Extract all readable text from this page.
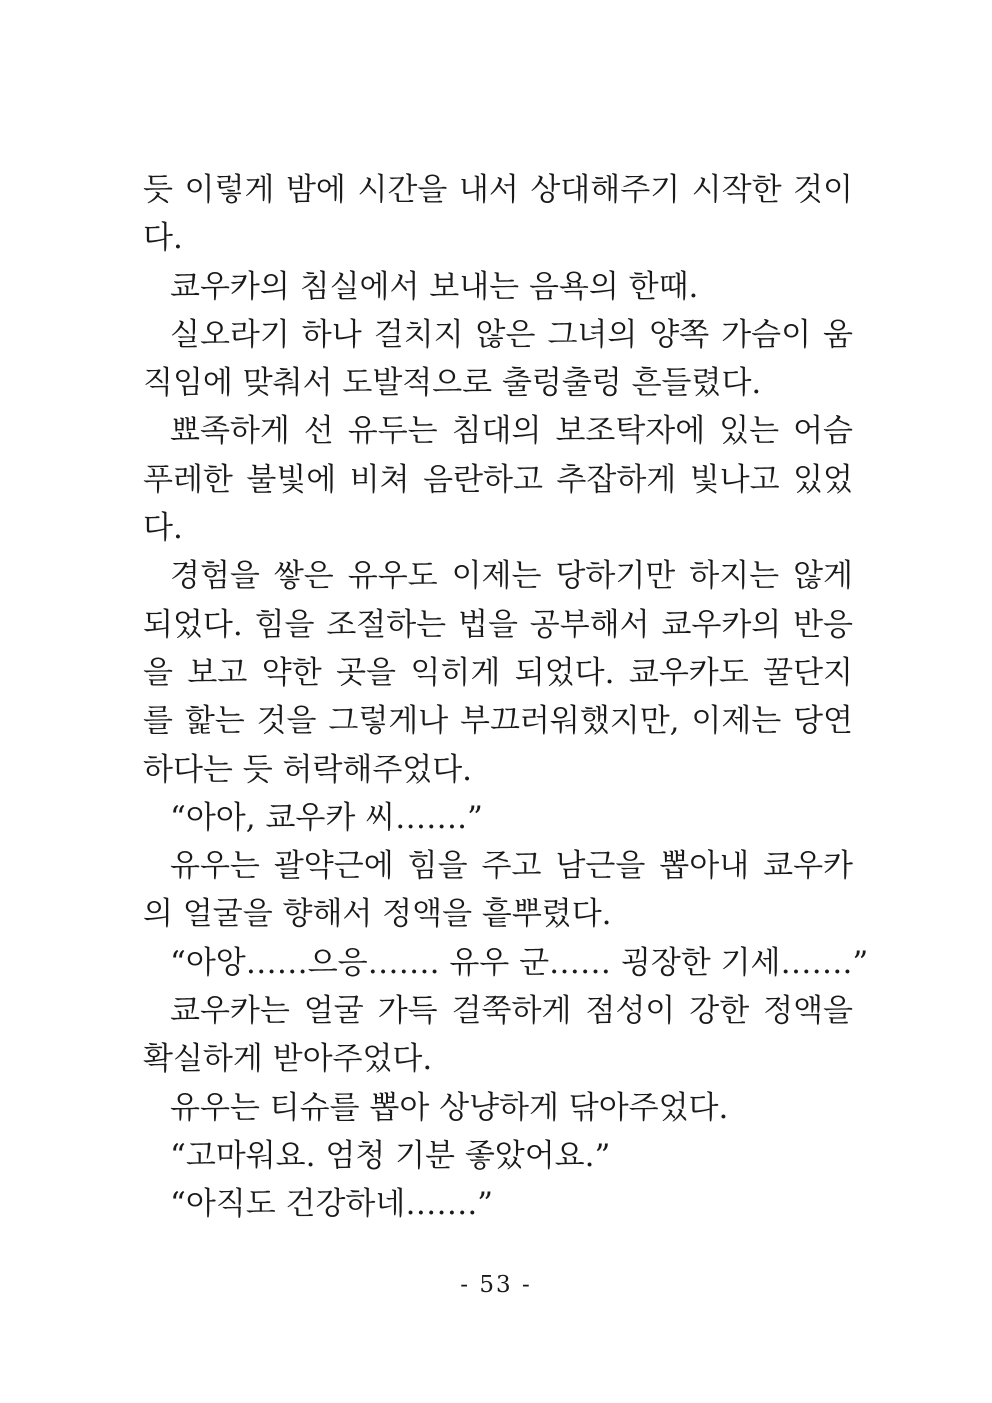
듯 이렇게 밤에 시간을 내서 상대해주기 시작한 것이
다.
쿄우카의 침실에서 보내는 음욕의 한때.
실오라기 하나 걸치지 않은 그녀의 양쪽 가슴이 움
직임에 맞춰서 도발적으로 출렁출렁 흔들렸다.
뾰족하게 선 유두는 침대의 보조탁자에 있는 어슴
푸레한 불빛에 비쳐 음란하고 추잡하게 빛나고 있었
다.
경험을 쌓은 유우도 이제는 당하기만 하지는 않게
되었다. 힘을 조절하는 법을 공부해서 쿄우카의 반응
을 보고 약한 곳을 익히게 되었다. 쿄우카도 꿀단지
를 핥는 것을 그렇게나 부끄러워했지만, 이제는 당연
하다는 듯 허락해주었다.
“아아, 쿄우카 씨…….”
유우는 괄약근에 힘을 주고 남근을 뽑아내 쿄우카
의 얼굴을 향해서 정액을 흩뿌렸다.
“아앙……으응……. 유우 군…… 굉장한 기세…….”
쿄우카는 얼굴 가득 걸쭉하게 점성이 강한 정액을
확실하게 받아주었다.
유우는 티슈를 뽑아 상냥하게 닦아주었다.
“고마워요. 엄청 기분 좋았어요.”
“아직도 건강하네…….”
- 53 -
